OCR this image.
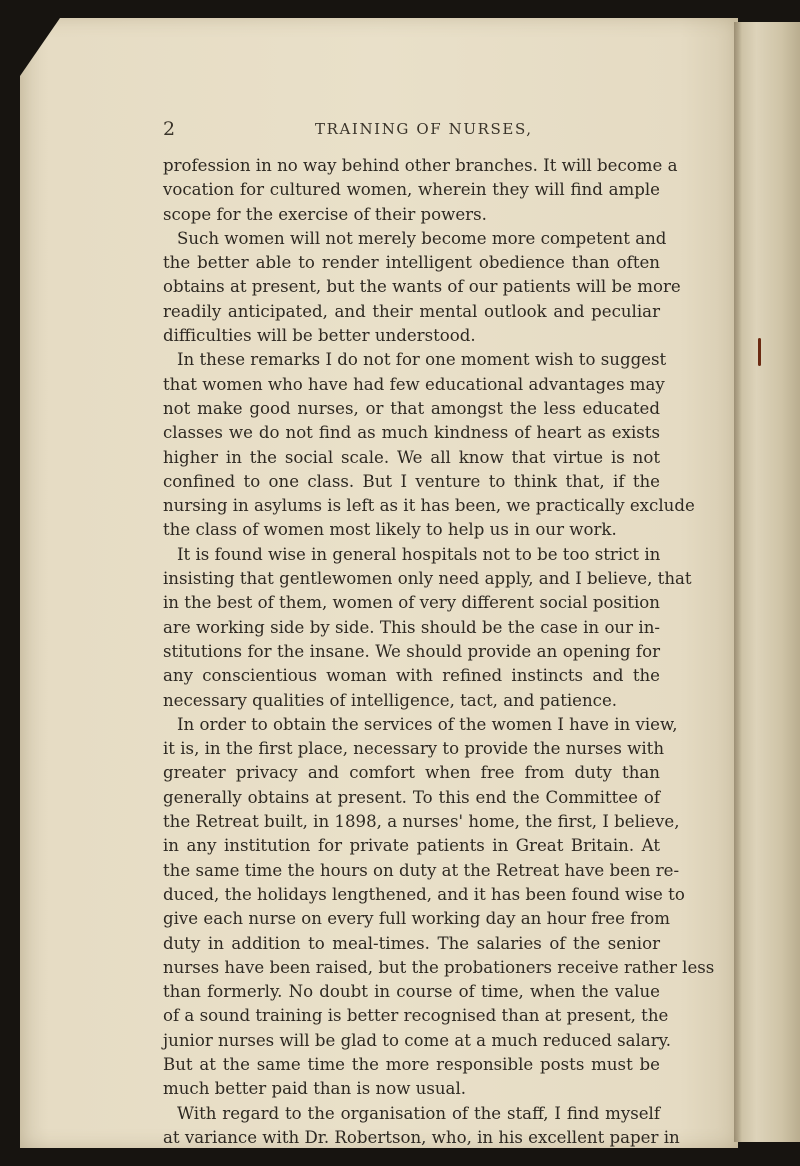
2	TRAINING OF NURSES,
profession in no way behind other branches. It will become a
vocation for cultured women, wherein they will find ample
scope for the exercise of their powers.
Such women will not merely become more competent and
the better able to render intelligent obedience than often
obtains at present, but the wants of our patients will be more
readily anticipated, and their mental outlook and peculiar
difficulties will be better understood.
In these remarks I do not for one moment wish to suggest
that women who have had few educational advantages may
not make good nurses, or that amongst the less educated
classes we do not find as much kindness of heart as exists
higher in the social scale. We all know that virtue is not
confined to one class. But I venture to think that, if the
nursing in asylums is left as it has been, we practically exclude
the class of women most likely to help us in our work.
It is found wise in general hospitals not to be too strict in
insisting that gentlewomen only need apply, and I believe, that
in the best of them, women of very different social position
are working side by side. This should be the case in our in-
stitutions for the insane. We should provide an opening for
any conscientious woman with refined instincts and the
necessary qualities of intelligence, tact, and patience.
In order to obtain the services of the women I have in view,
it is, in the first place, necessary to provide the nurses with
greater privacy and comfort when free from duty than
generally obtains at present. To this end the Committee of
the Retreat built, in 1898, a nurses' home, the first, I believe,
in any institution for private patients in Great Britain. At
the same time the hours on duty at the Retreat have been re-
duced, the holidays lengthened, and it has been found wise to
give each nurse on every full working day an hour free from
duty in addition to meal-times. The salaries of the senior
nurses have been raised, but the probationers receive rather less
than formerly. No doubt in course of time, when the value
of a sound training is better recognised than at present, the
junior nurses will be glad to come at a much reduced salary.
But at the same time the more responsible posts must be
much better paid than is now usual.
With regard to the organisation of the staff, I find myself
at variance with Dr. Robertson, who, in his excellent paper in
